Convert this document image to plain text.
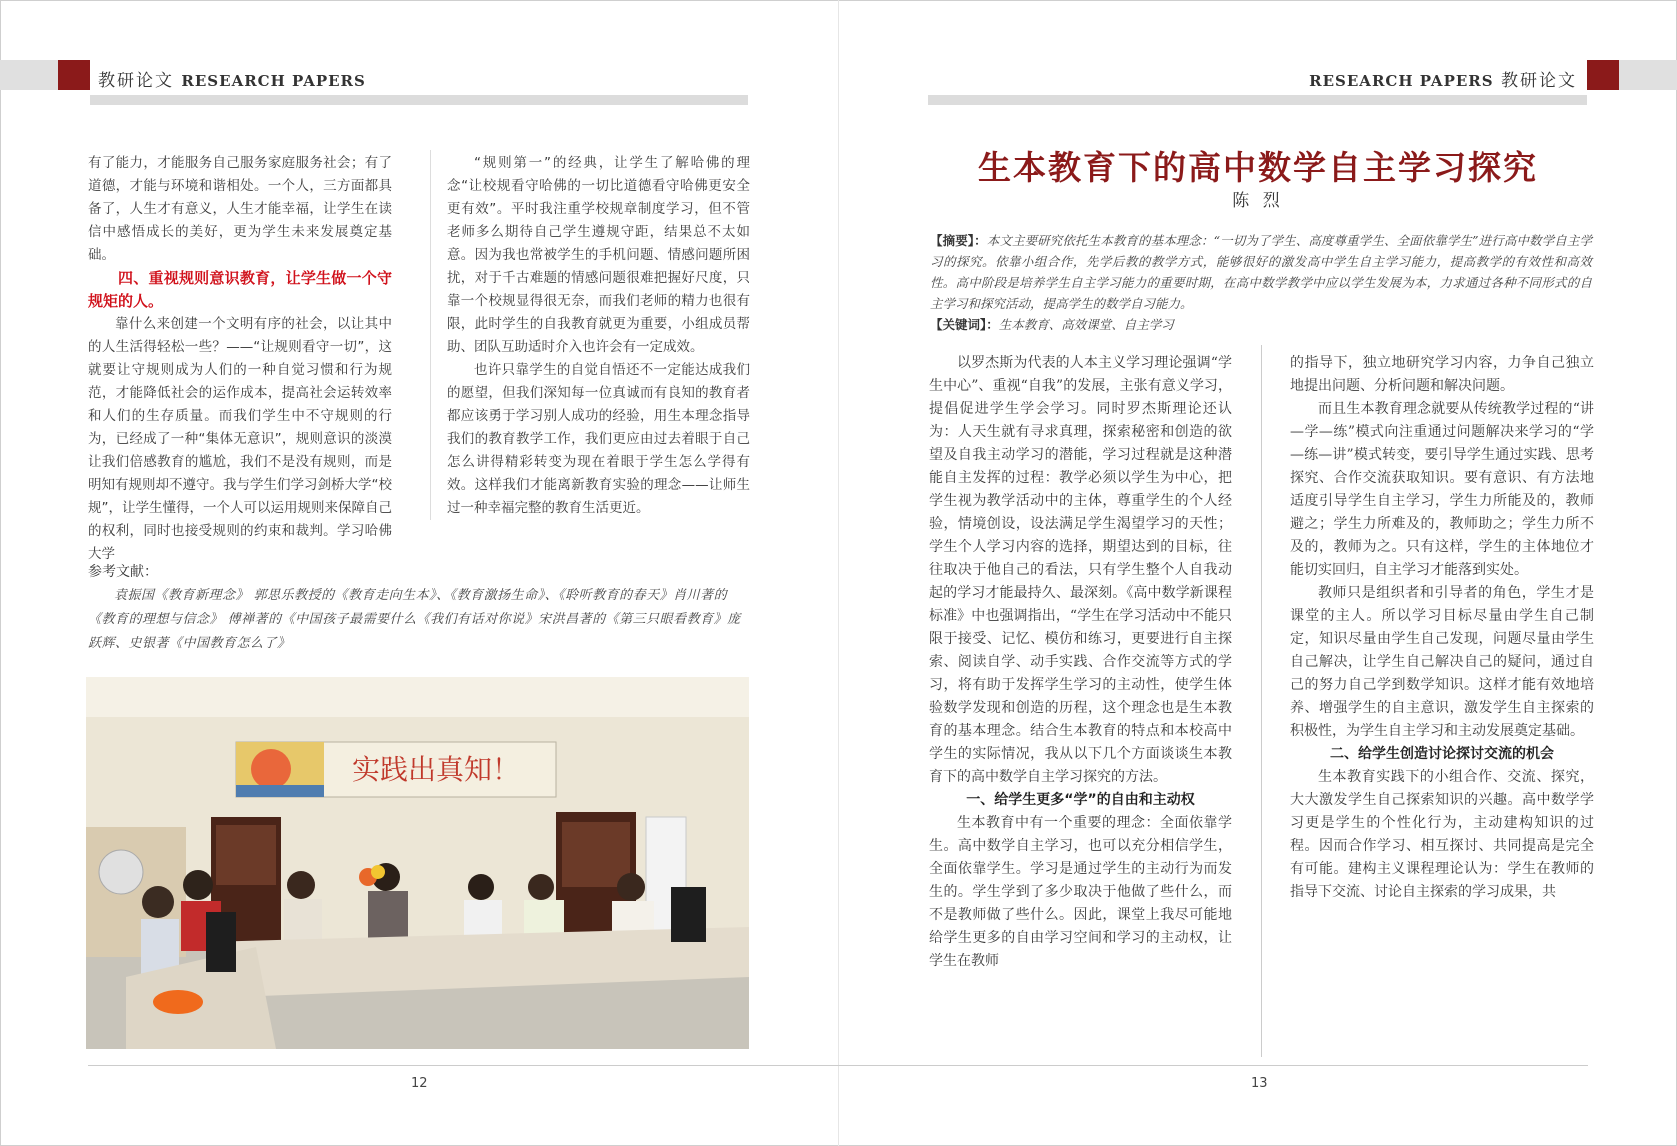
教研论文 RESEARCH PAPERS	RESEARCH PAPERS 教研论文

有了能力，才能服务自己服务家庭服务社会；有了道德，才能与环境和谐相处。一个人，三方面都具备了，人生才有意义，人生才能幸福，让学生在读信中感悟成长的美好，更为学生未来发展奠定基础。

四、重视规则意识教育，让学生做一个守规矩的人。

靠什么来创建一个文明有序的社会，以让其中的人生活得轻松一些？——“让规则看守一切”，这就要让守规则成为人们的一种自觉习惯和行为规范，才能降低社会的运作成本，提高社会运转效率和人们的生存质量。而我们学生中不守规则的行为，已经成了一种“集体无意识”，规则意识的淡漠让我们倍感教育的尴尬，我们不是没有规则，而是明知有规则却不遵守。我与学生们学习剑桥大学“校规”，让学生懂得，一个人可以运用规则来保障自己的权利，同时也接受规则的约束和裁判。学习哈佛大学

“规则第一”的经典，让学生了解哈佛的理念“让校规看守哈佛的一切比道德看守哈佛更安全更有效”。平时我注重学校规章制度学习，但不管老师多么期待自己学生遵规守距，结果总不太如意。因为我也常被学生的手机问题、情感问题所困扰，对于千古难题的情感问题很难把握好尺度，只靠一个校规显得很无奈，而我们老师的精力也很有限，此时学生的自我教育就更为重要，小组成员帮助、团队互助适时介入也许会有一定成效。

也许只靠学生的自觉自悟还不一定能达成我们的愿望，但我们深知每一位真诚而有良知的教育者都应该勇于学习别人成功的经验，用生本理念指导我们的教育教学工作，我们更应由过去着眼于自己怎么讲得精彩转变为现在着眼于学生怎么学得有效。这样我们才能离新教育实验的理念——让师生过一种幸福完整的教育生活更近。

参考文献：
袁振国《教育新理念》 郭思乐教授的《教育走向生本》、《教育激扬生命》、《聆听教育的春天》肖川著的《教育的理想与信念》 傅禅著的《中国孩子最需要什么《我们有话对你说》宋洪昌著的《第三只眼看教育》庞跃辉、史银著《中国教育怎么了》
实践出真知！
12
生本教育下的高中数学自主学习探究
陈 烈
【摘要】：本文主要研究依托生本教育的基本理念：“一切为了学生、高度尊重学生、全面依靠学生”进行高中数学自主学习的探究。依靠小组合作，先学后教的教学方式，能够很好的激发高中学生自主学习能力，提高教学的有效性和高效性。高中阶段是培养学生自主学习能力的重要时期，在高中数学教学中应以学生发展为本，力求通过各种不同形式的自主学习和探究活动，提高学生的数学自习能力。
【关键词】：生本教育、高效课堂、自主学习

以罗杰斯为代表的人本主义学习理论强调“学生中心”、重视“自我”的发展，主张有意义学习，提倡促进学生学会学习。同时罗杰斯理论还认为：人天生就有寻求真理，探索秘密和创造的欲望及自我主动学习的潜能，学习过程就是这种潜能自主发挥的过程：教学必须以学生为中心，把学生视为教学活动中的主体，尊重学生的个人经验，情境创设，设法满足学生渴望学习的天性；学生个人学习内容的选择，期望达到的目标，往往取决于他自己的看法，只有学生整个人自我动起的学习才能最持久、最深刻。《高中数学新课程标准》中也强调指出，“学生在学习活动中不能只限于接受、记忆、模仿和练习，更要进行自主探索、阅读自学、动手实践、合作交流等方式的学习，将有助于发挥学生学习的主动性，使学生体验数学发现和创造的历程，这个理念也是生本教育的基本理念。结合生本教育的特点和本校高中学生的实际情况，我从以下几个方面谈谈生本教育下的高中数学自主学习探究的方法。

一、给学生更多“学”的自由和主动权

生本教育中有一个重要的理念：全面依靠学生。高中数学自主学习，也可以充分相信学生，全面依靠学生。学习是通过学生的主动行为而发生的。学生学到了多少取决于他做了些什么，而不是教师做了些什么。因此，课堂上我尽可能地给学生更多的自由学习空间和学习的主动权，让学生在教师

的指导下，独立地研究学习内容，力争自己独立地提出问题、分析问题和解决问题。

而且生本教育理念就要从传统教学过程的“讲—学—练”模式向注重通过问题解决来学习的“学—练—讲”模式转变，要引导学生通过实践、思考探究、合作交流获取知识。要有意识、有方法地适度引导学生自主学习，学生力所能及的，教师避之；学生力所难及的，教师助之；学生力所不及的，教师为之。只有这样，学生的主体地位才能切实回归，自主学习才能落到实处。

教师只是组织者和引导者的角色，学生才是课堂的主人。所以学习目标尽量由学生自己制定，知识尽量由学生自己发现，问题尽量由学生自己解决，让学生自己解决自己的疑问，通过自己的努力自己学到数学知识。这样才能有效地培养、增强学生的自主意识，激发学生自主探索的积极性，为学生自主学习和主动发展奠定基础。

二、给学生创造讨论探讨交流的机会

生本教育实践下的小组合作、交流、探究，大大激发学生自己探索知识的兴趣。高中数学学习更是学生的个性化行为，主动建构知识的过程。因而合作学习、相互探讨、共同提高是完全有可能。建构主义课程理论认为：学生在教师的指导下交流、讨论自主探索的学习成果，共

13
